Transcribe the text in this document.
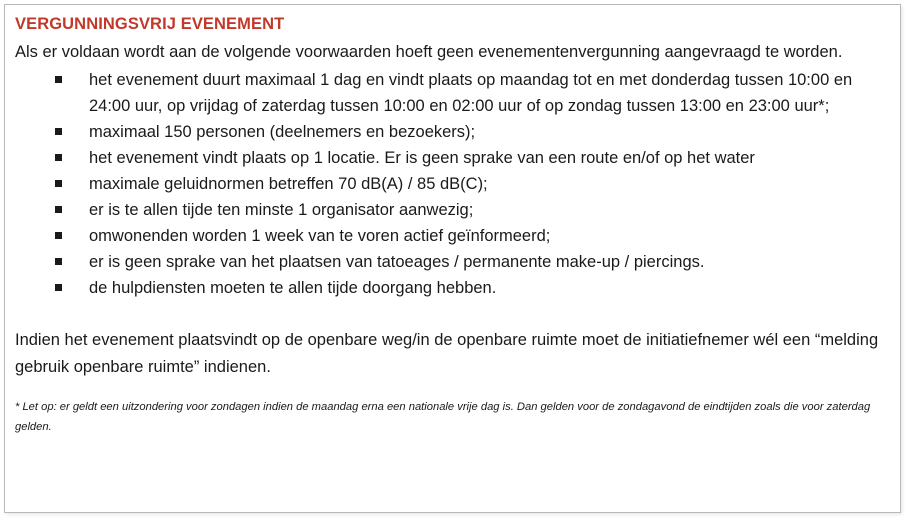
VERGUNNINGSVRIJ EVENEMENT

Als er voldaan wordt aan de volgende voorwaarden hoeft geen evenementenvergunning aangevraagd te worden.

het evenement duurt maximaal 1 dag en vindt plaats op maandag tot en met donderdag tussen 10:00 en 24:00 uur, op vrijdag of zaterdag tussen 10:00 en 02:00 uur of op zondag tussen 13:00 en 23:00 uur*;
maximaal 150 personen (deelnemers en bezoekers);
het evenement vindt plaats op 1 locatie. Er is geen sprake van een route en/of op het water
maximale geluidnormen betreffen 70 dB(A) / 85 dB(C);
er is te allen tijde ten minste 1 organisator aanwezig;
omwonenden worden 1 week van te voren actief geïnformeerd;
er is geen sprake van het plaatsen van tatoeages / permanente make-up / piercings.
de hulpdiensten moeten te allen tijde doorgang hebben.

Indien het evenement plaatsvindt op de openbare weg/in de openbare ruimte moet de initiatiefnemer wél een “melding gebruik openbare ruimte” indienen.

* Let op: er geldt een uitzondering voor zondagen indien de maandag erna een nationale vrije dag is. Dan gelden voor de zondagavond de eindtijden zoals die voor zaterdag gelden.
